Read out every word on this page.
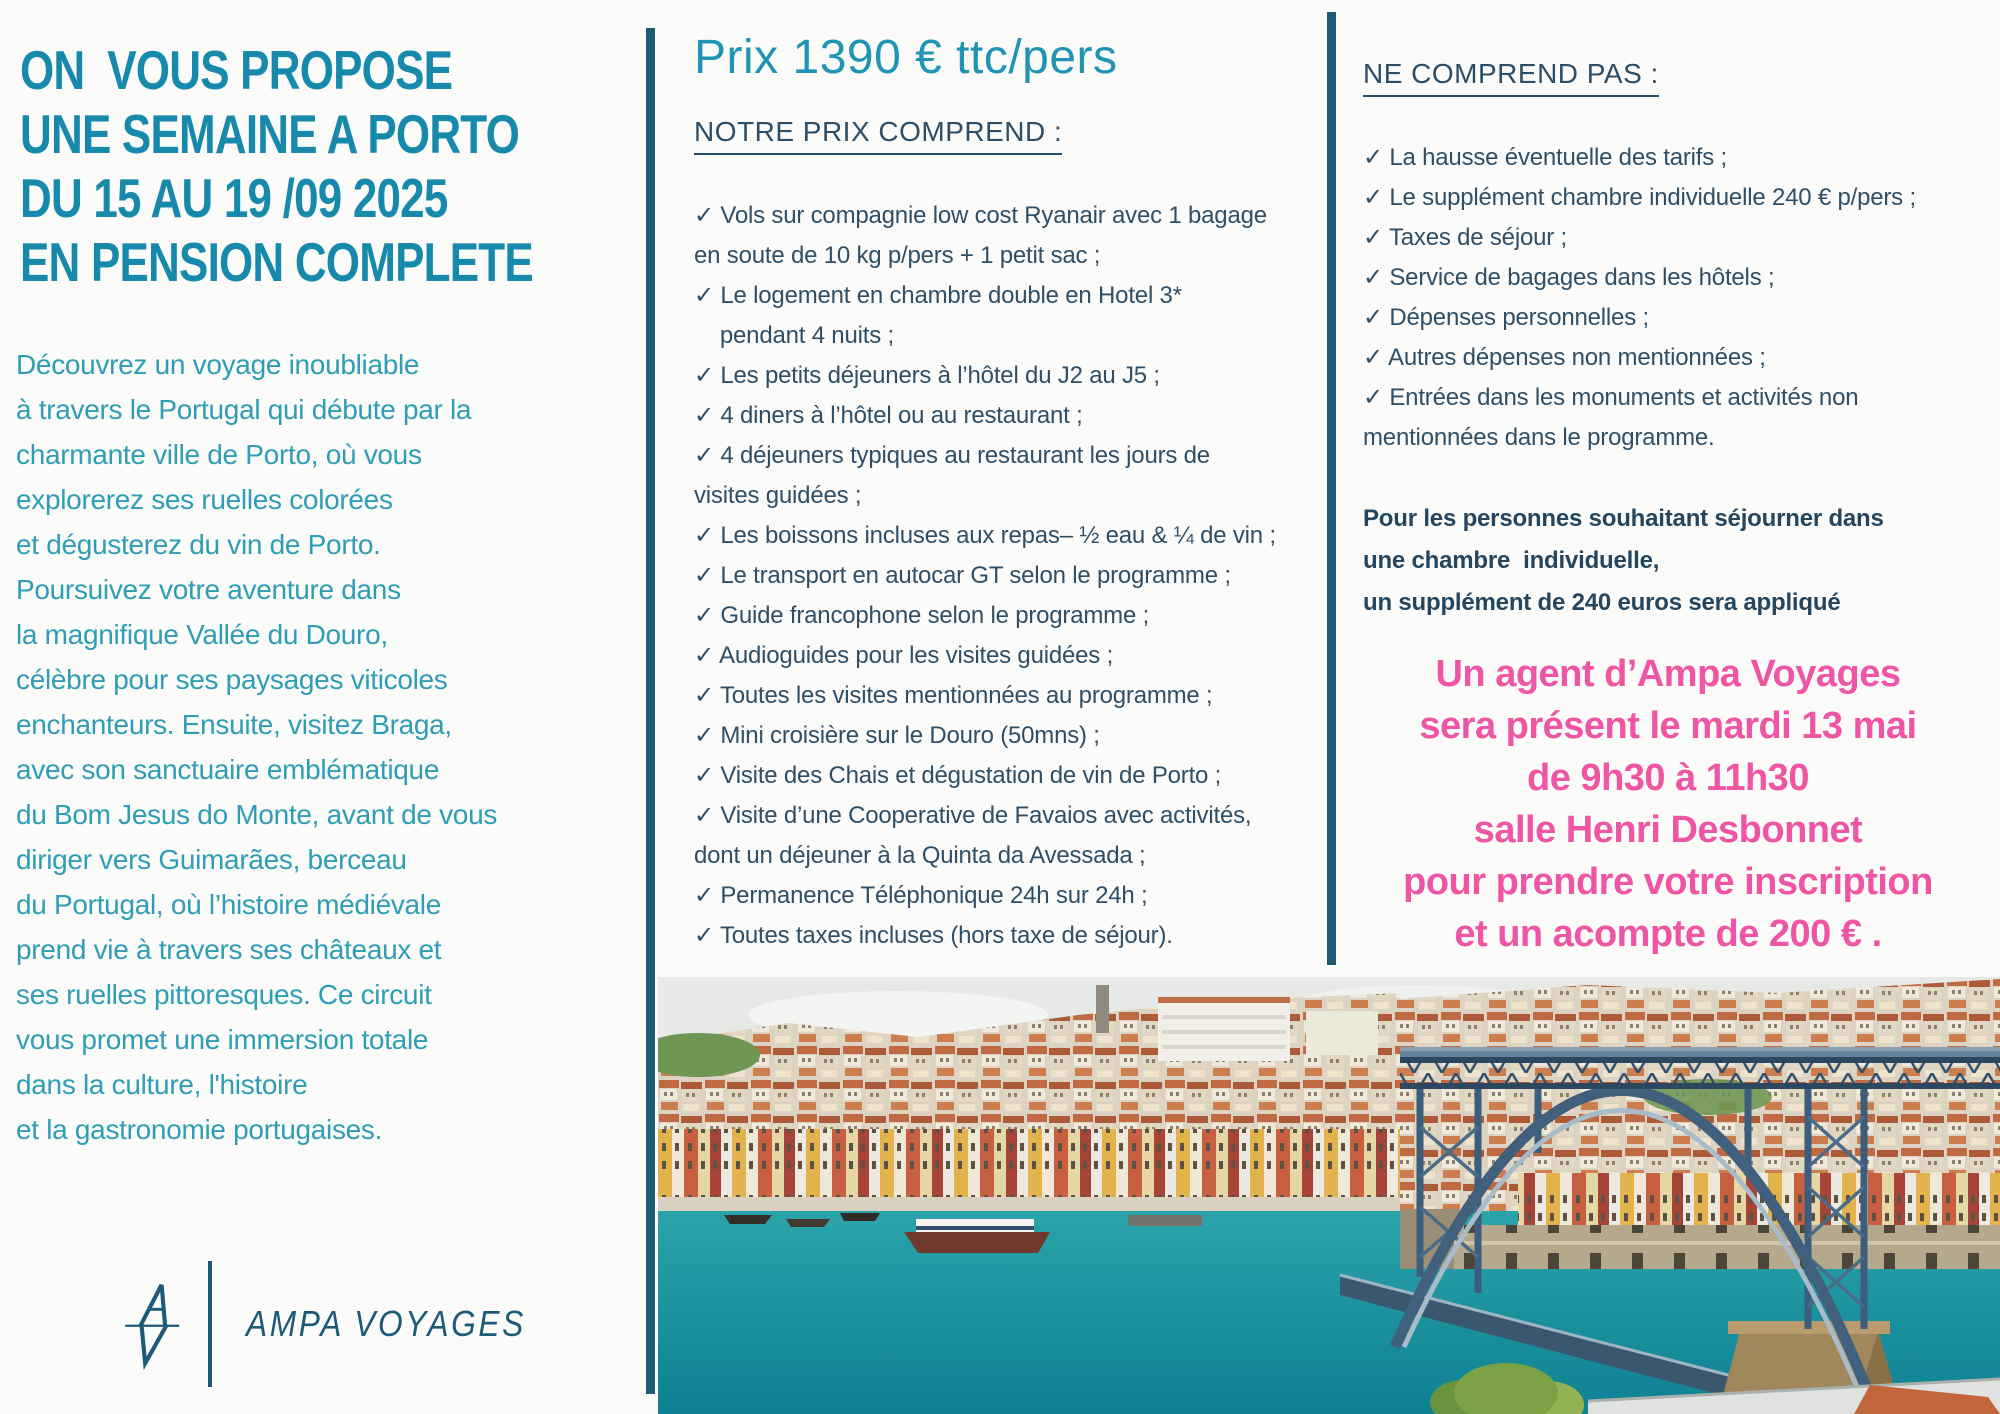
ON  VOUS PROPOSE
UNE SEMAINE A PORTO
DU 15 AU 19 /09 2025
EN PENSION COMPLETE
Découvrez un voyage inoubliable
à travers le Portugal qui débute par la
charmante ville de Porto, où vous
explorerez ses ruelles colorées
et dégusterez du vin de Porto.
Poursuivez votre aventure dans
la magnifique Vallée du Douro,
célèbre pour ses paysages viticoles
enchanteurs. Ensuite, visitez Braga,
avec son sanctuaire emblématique
du Bom Jesus do Monte, avant de vous
diriger vers Guimarães, berceau
du Portugal, où l’histoire médiévale
prend vie à travers ses châteaux et
ses ruelles pittoresques. Ce circuit
vous promet une immersion totale
dans la culture, l'histoire
et la gastronomie portugaises.
AMPA VOYAGES
Prix 1390 € ttc/pers
NOTRE PRIX COMPREND :
✓ Vols sur compagnie low cost Ryanair avec 1 bagage
en soute de 10 kg p/pers + 1 petit sac ;
✓ Le logement en chambre double en Hotel 3*
pendant 4 nuits ;
✓ Les petits déjeuners à l’hôtel du J2 au J5 ;
✓ 4 diners à l’hôtel ou au restaurant ;
✓ 4 déjeuners typiques au restaurant les jours de
visites guidées ;
✓ Les boissons incluses aux repas– ½ eau & ¼ de vin ;
✓ Le transport en autocar GT selon le programme ;
✓ Guide francophone selon le programme ;
✓ Audioguides pour les visites guidées ;
✓ Toutes les visites mentionnées au programme ;
✓ Mini croisière sur le Douro (50mns) ;
✓ Visite des Chais et dégustation de vin de Porto ;
✓ Visite d’une Cooperative de Favaios avec activités,
dont un déjeuner à la Quinta da Avessada ;
✓ Permanence Téléphonique 24h sur 24h ;
✓ Toutes taxes incluses (hors taxe de séjour).
NE COMPREND PAS :
✓ La hausse éventuelle des tarifs ;
✓ Le supplément chambre individuelle 240 € p/pers ;
✓ Taxes de séjour ;
✓ Service de bagages dans les hôtels ;
✓ Dépenses personnelles ;
✓ Autres dépenses non mentionnées ;
✓ Entrées dans les monuments et activités non
mentionnées dans le programme.
Pour les personnes souhaitant séjourner dans
une chambre  individuelle,
un supplément de 240 euros sera appliqué
Un agent d’Ampa Voyages
sera présent le mardi 13 mai
de 9h30 à 11h30
salle Henri Desbonnet
pour prendre votre inscription
et un acompte de 200 € .
